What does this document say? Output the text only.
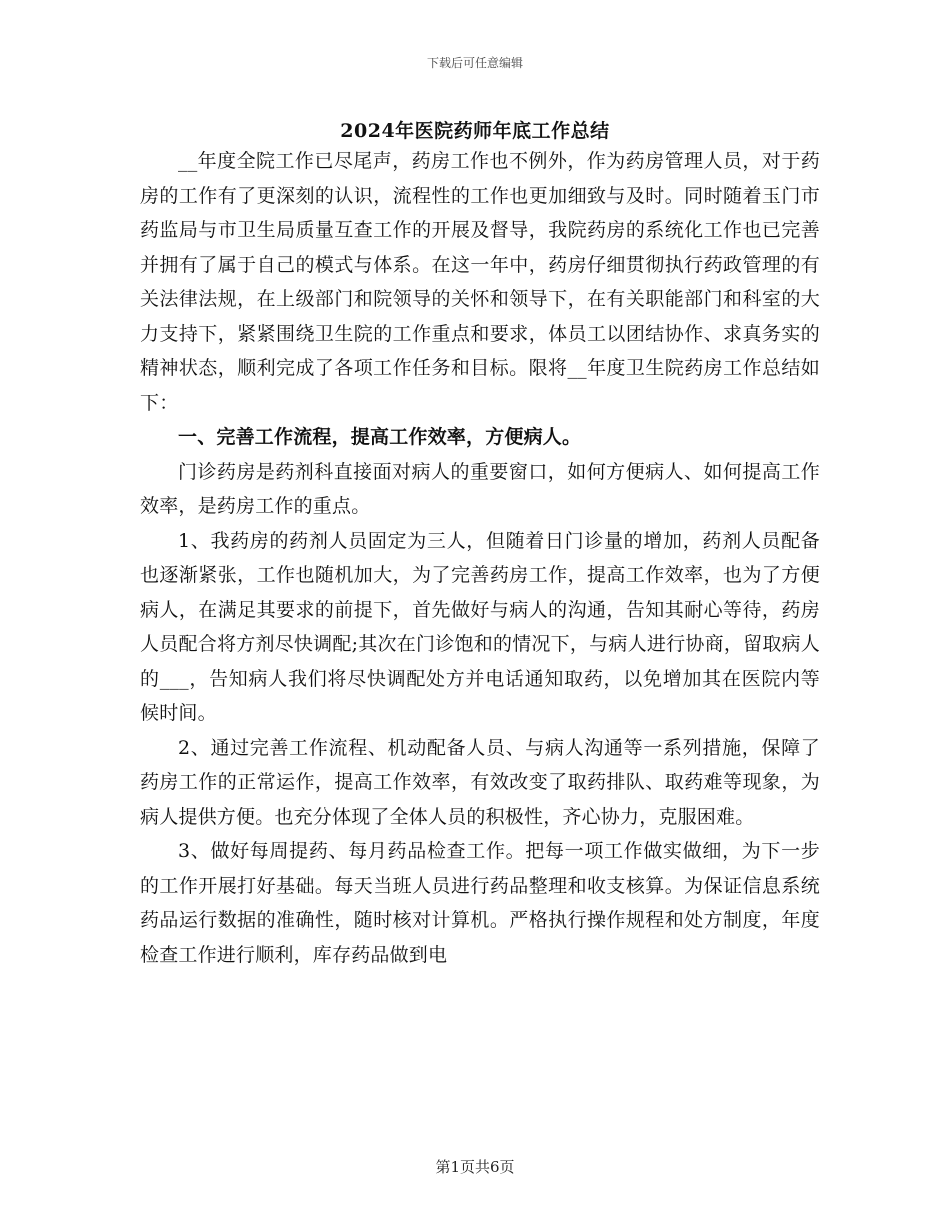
下载后可任意编辑
2024年医院药师年底工作总结

__年度全院工作已尽尾声，药房工作也不例外，作为药房管理人员，对于药房的工作有了更深刻的认识，流程性的工作也更加细致与及时。同时随着玉门市药监局与市卫生局质量互查工作的开展及督导，我院药房的系统化工作也已完善并拥有了属于自己的模式与体系。在这一年中，药房仔细贯彻执行药政管理的有关法律法规，在上级部门和院领导的关怀和领导下，在有关职能部门和科室的大力支持下，紧紧围绕卫生院的工作重点和要求，体员工以团结协作、求真务实的精神状态，顺利完成了各项工作任务和目标。限将__年度卫生院药房工作总结如下：

一、完善工作流程，提高工作效率，方便病人。

门诊药房是药剂科直接面对病人的重要窗口，如何方便病人、如何提高工作效率，是药房工作的重点。

1、我药房的药剂人员固定为三人，但随着日门诊量的增加，药剂人员配备也逐渐紧张，工作也随机加大，为了完善药房工作，提高工作效率，也为了方便病人，在满足其要求的前提下，首先做好与病人的沟通，告知其耐心等待，药房人员配合将方剂尽快调配;其次在门诊饱和的情况下，与病人进行协商，留取病人的___，告知病人我们将尽快调配处方并电话通知取药，以免增加其在医院内等候时间。

2、通过完善工作流程、机动配备人员、与病人沟通等一系列措施，保障了药房工作的正常运作，提高工作效率，有效改变了取药排队、取药难等现象，为病人提供方便。也充分体现了全体人员的积极性，齐心协力，克服困难。

3、做好每周提药、每月药品检查工作。把每一项工作做实做细，为下一步的工作开展打好基础。每天当班人员进行药品整理和收支核算。为保证信息系统药品运行数据的准确性，随时核对计算机。严格执行操作规程和处方制度，年度检查工作进行顺利，库存药品做到电

第1页共6页
